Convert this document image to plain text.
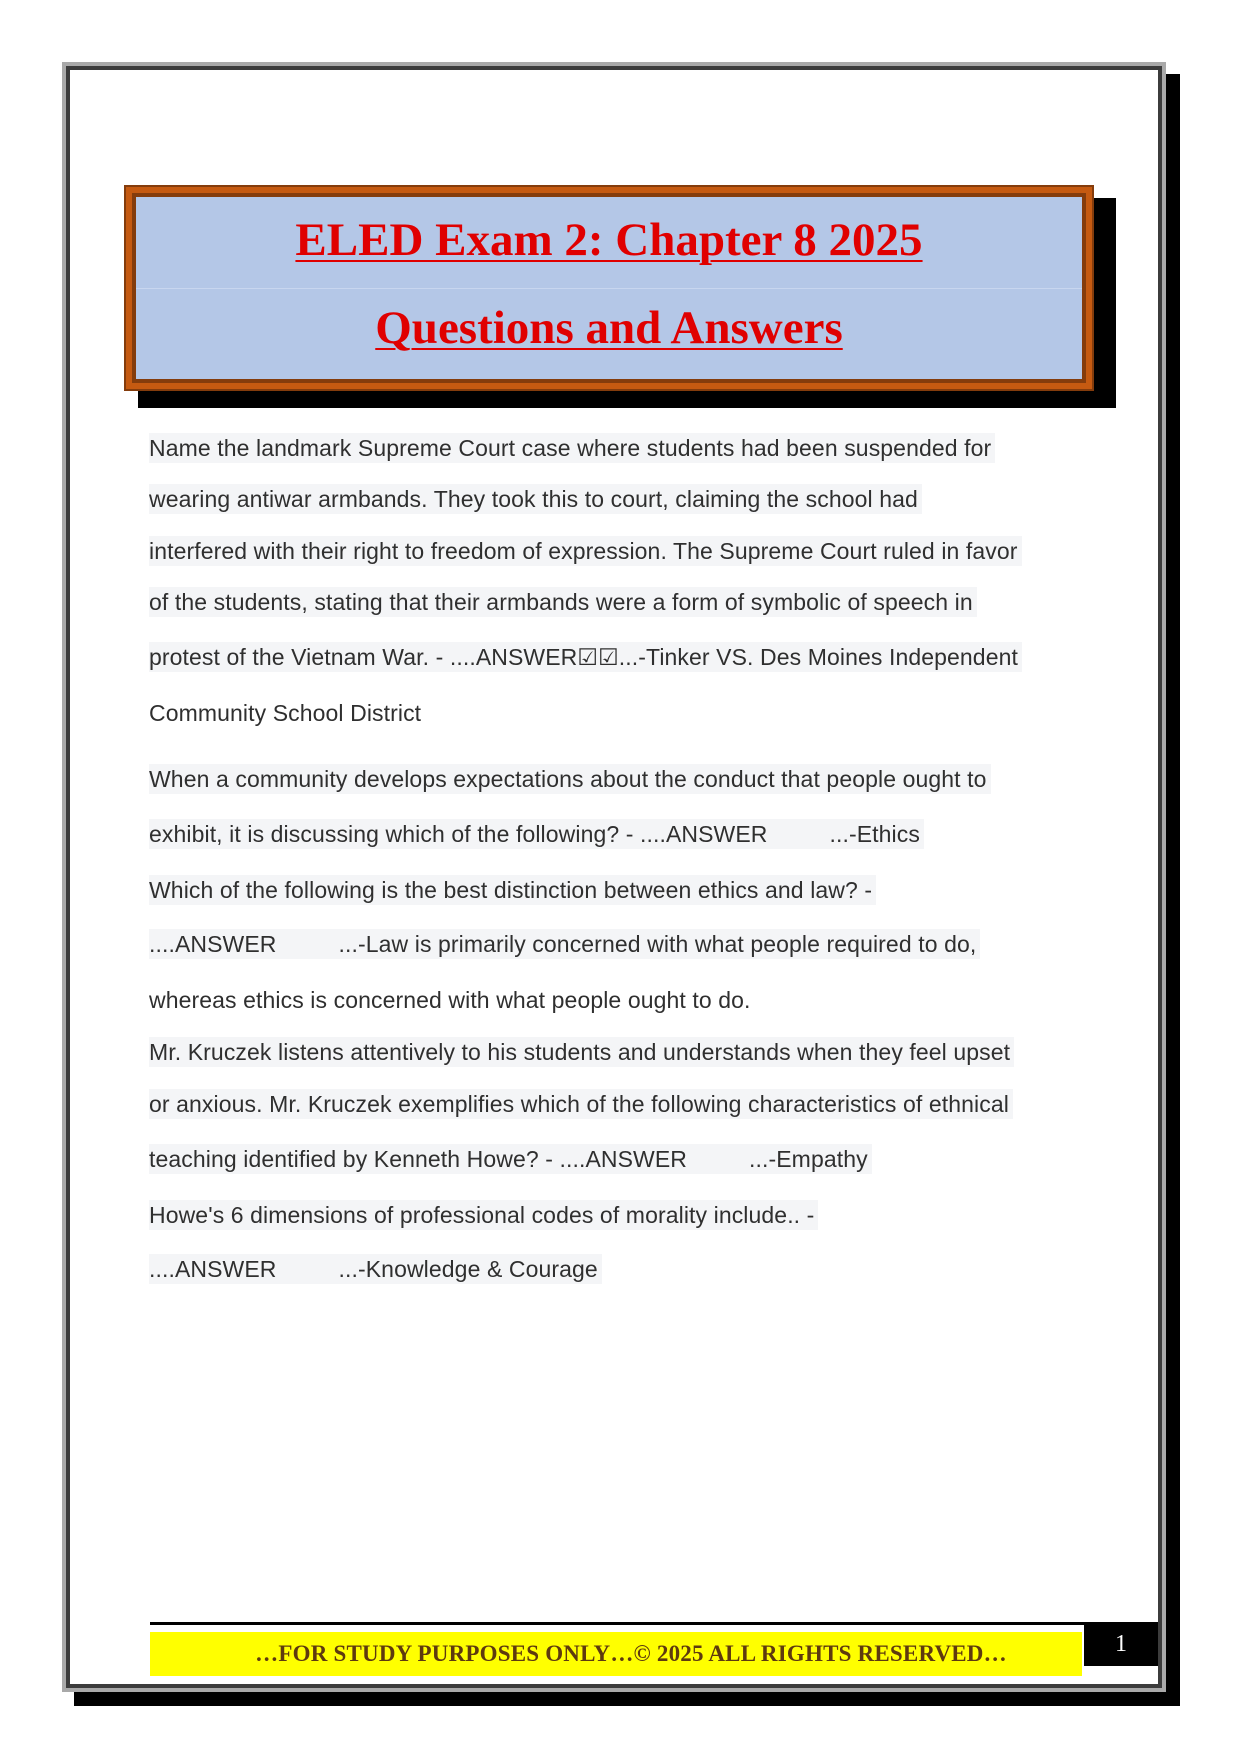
ELED Exam 2: Chapter 8 2025
Questions and Answers
Name the landmark Supreme Court case where students had been suspended for
wearing antiwar armbands. They took this to court, claiming the school had
interfered with their right to freedom of expression. The Supreme Court ruled in favor
of the students, stating that their armbands were a form of symbolic of speech in
protest of the Vietnam War. - ....ANSWER☑☑...-Tinker VS. Des Moines Independent
Community School District
When a community develops expectations about the conduct that people ought to
exhibit, it is discussing which of the following? - ....ANSWER	...-Ethics
Which of the following is the best distinction between ethics and law? -
....ANSWER	...-Law is primarily concerned with what people required to do,
whereas ethics is concerned with what people ought to do.
Mr. Kruczek listens attentively to his students and understands when they feel upset
or anxious. Mr. Kruczek exemplifies which of the following characteristics of ethnical
teaching identified by Kenneth Howe? - ....ANSWER	...-Empathy
Howe's 6 dimensions of professional codes of morality include.. -
....ANSWER	...-Knowledge & Courage
…FOR STUDY PURPOSES ONLY…© 2025 ALL RIGHTS RESERVED…	1
